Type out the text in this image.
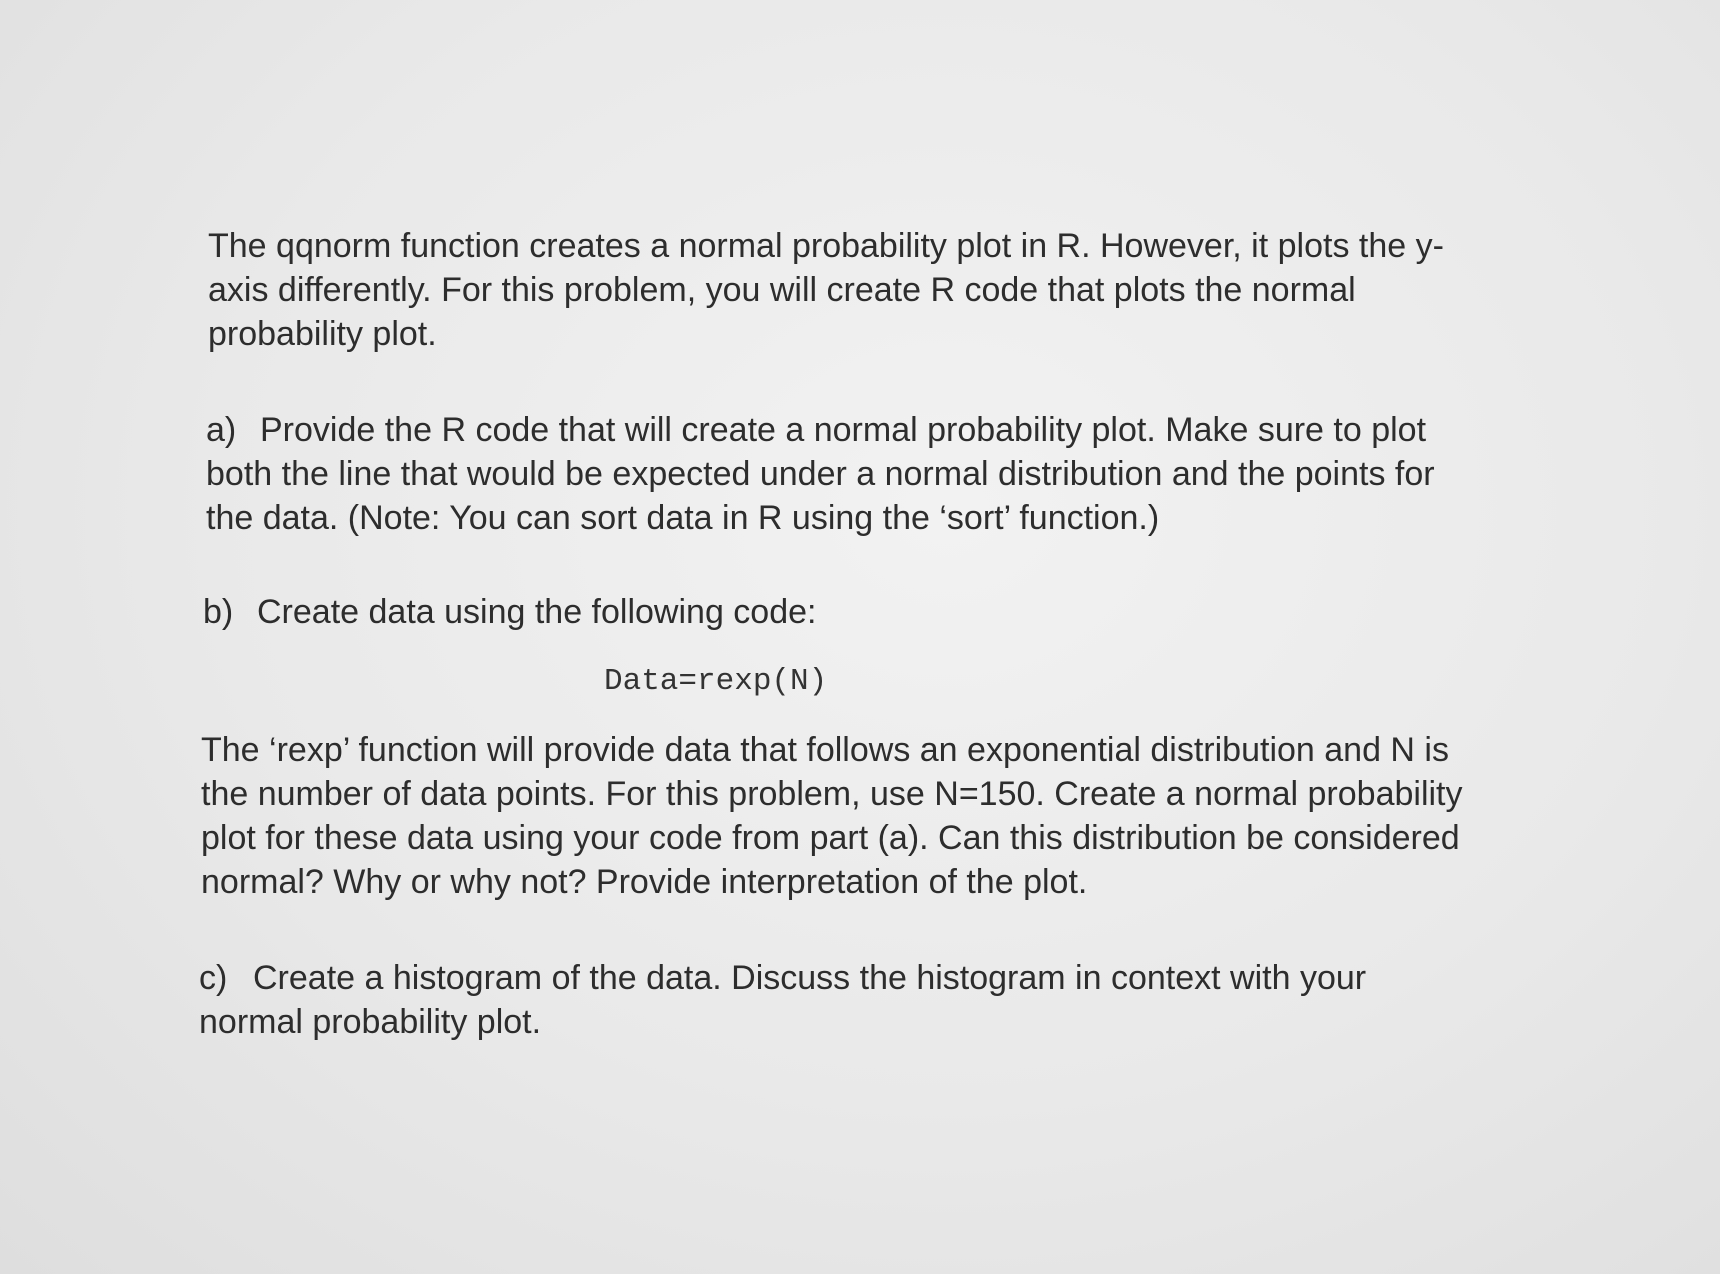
The qqnorm function creates a normal probability plot in R. However, it plots the y-
axis differently. For this problem, you will create R code that plots the normal
probability plot.
a) Provide the R code that will create a normal probability plot. Make sure to plot
both the line that would be expected under a normal distribution and the points for
the data. (Note: You can sort data in R using the ‘sort’ function.)
b) Create data using the following code:
Data=rexp(N)
The ‘rexp’ function will provide data that follows an exponential distribution and N is
the number of data points. For this problem, use N=150. Create a normal probability
plot for these data using your code from part (a). Can this distribution be considered
normal? Why or why not? Provide interpretation of the plot.
c) Create a histogram of the data. Discuss the histogram in context with your
normal probability plot.
